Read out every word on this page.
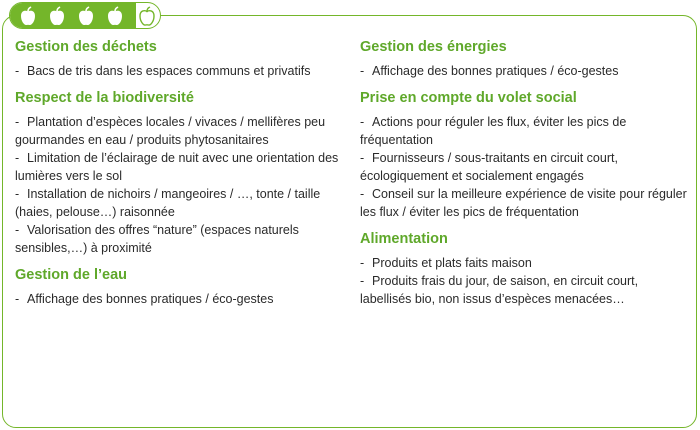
Gestion des déchets
- Bacs de tris dans les espaces communs et privatifs
Respect de la biodiversité
- Plantation d’espèces locales / vivaces / mellifères peu gourmandes en eau / produits phytosanitaires
- Limitation de l’éclairage de nuit avec une orientation des lumières vers le sol
- Installation de nichoirs / mangeoires / …, tonte / taille (haies, pelouse…) raisonnée
- Valorisation des offres “nature” (espaces naturels sensibles,…) à proximité
Gestion de l’eau
- Affichage des bonnes pratiques / éco-gestes
Gestion des énergies
- Affichage des bonnes pratiques / éco-gestes
Prise en compte du volet social
- Actions pour réguler les flux, éviter les pics de fréquentation
- Fournisseurs / sous-traitants en circuit court, écologiquement et socialement engagés
- Conseil sur la meilleure expérience de visite pour réguler les flux / éviter les pics de fréquentation
Alimentation
- Produits et plats faits maison
- Produits frais du jour, de saison, en circuit court, labellisés bio, non issus d’espèces menacées…
